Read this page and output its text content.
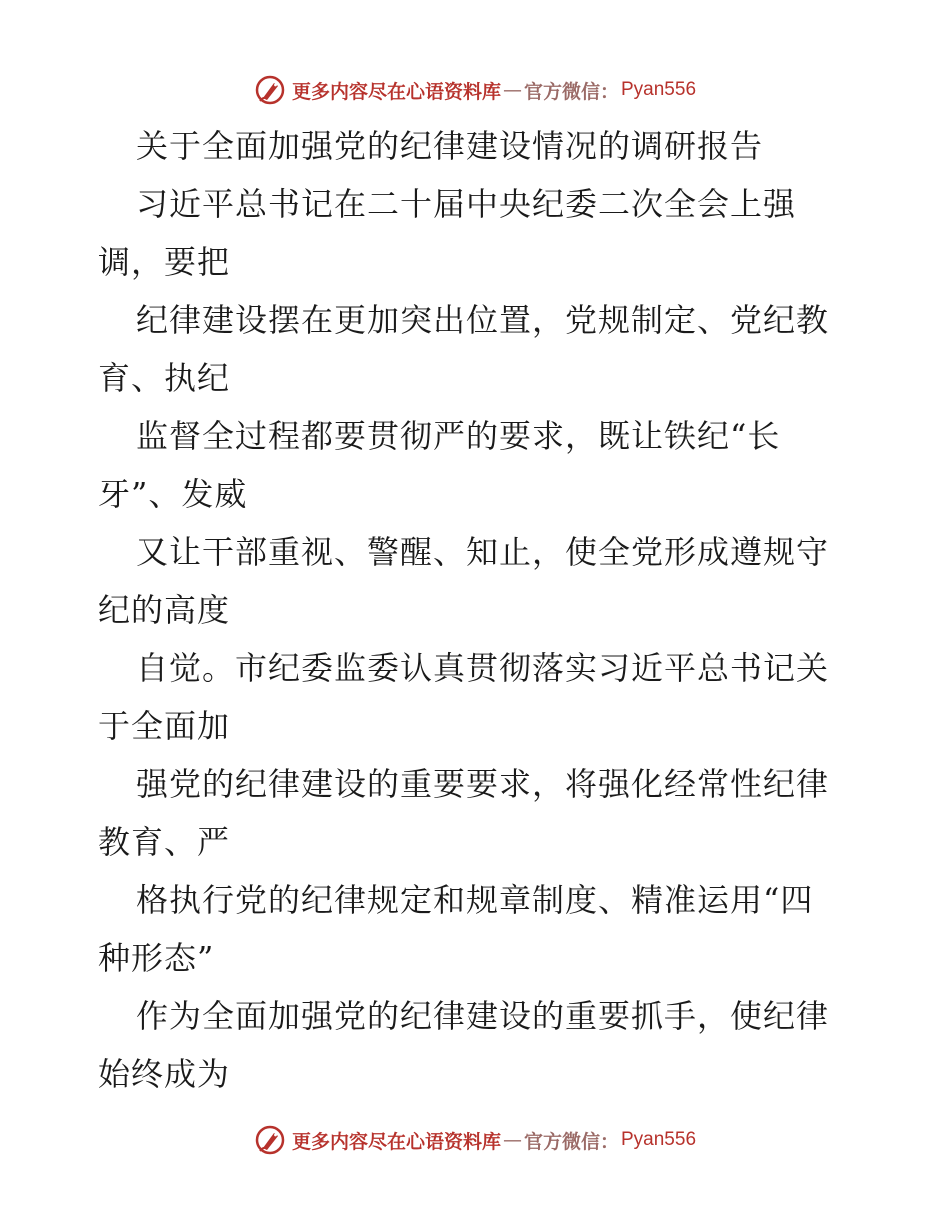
更多内容尽在心语资料库 — 官方微信： Pyan556
关于全面加强党的纪律建设情况的调研报告
习近平总书记在二十届中央纪委二次全会上强
调，要把
纪律建设摆在更加突出位置，党规制定、党纪教
育、执纪
监督全过程都要贯彻严的要求，既让铁纪“长
牙”、发威
又让干部重视、警醒、知止，使全党形成遵规守
纪的高度
自觉。市纪委监委认真贯彻落实习近平总书记关
于全面加
强党的纪律建设的重要要求，将强化经常性纪律
教育、严
格执行党的纪律规定和规章制度、精准运用“四
种形态”
作为全面加强党的纪律建设的重要抓手，使纪律
始终成为
更多内容尽在心语资料库 — 官方微信： Pyan556
